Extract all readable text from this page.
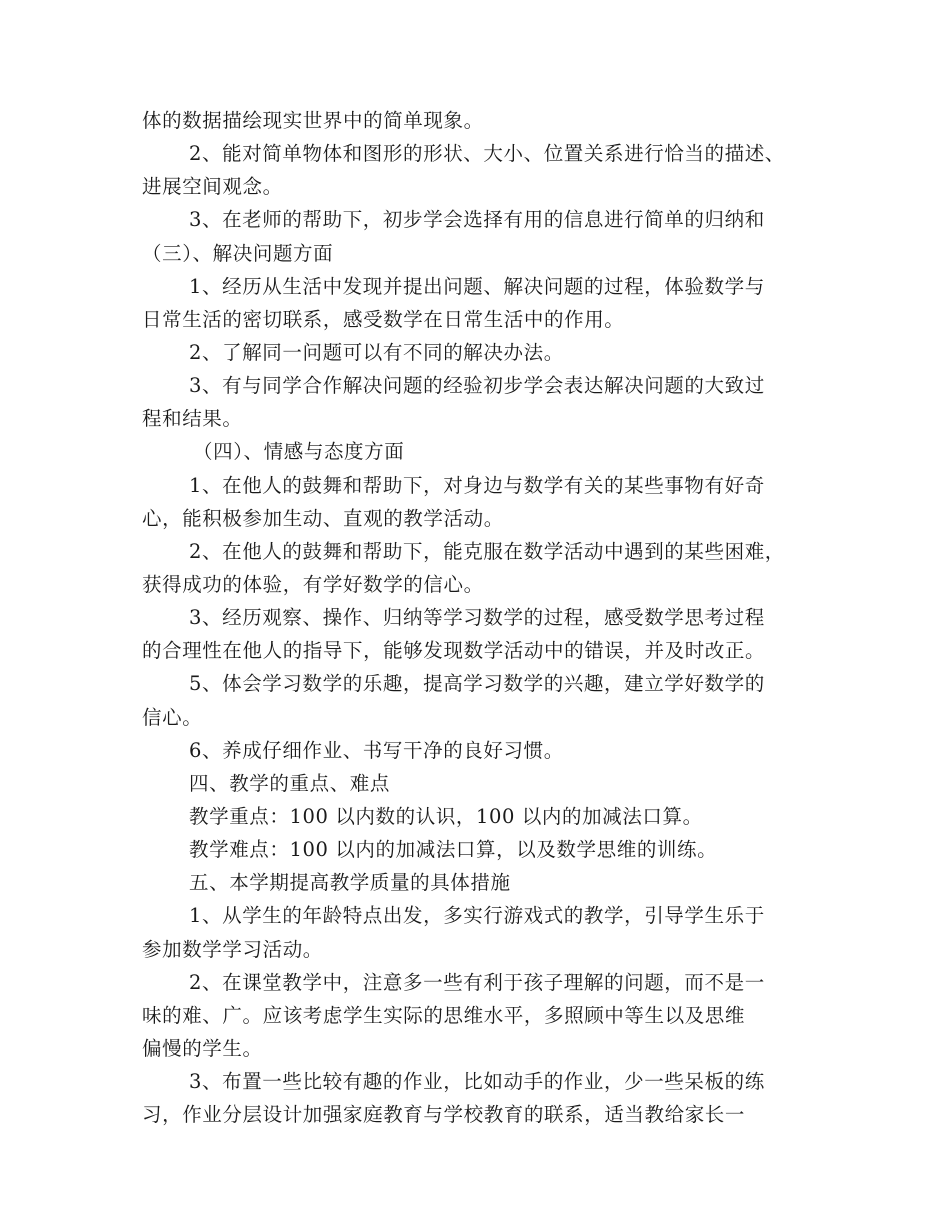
体的数据描绘现实世界中的简单现象。
2、能对简单物体和图形的形状、大小、位置关系进行恰当的描述、
进展空间观念。
3、在老师的帮助下，初步学会选择有用的信息进行简单的归纳和
（三）、解决问题方面
1、经历从生活中发现并提出问题、解决问题的过程，体验数学与
日常生活的密切联系，感受数学在日常生活中的作用。
2、了解同一问题可以有不同的解决办法。
3、有与同学合作解决问题的经验初步学会表达解决问题的大致过
程和结果。
（四）、情感与态度方面
1、在他人的鼓舞和帮助下，对身边与数学有关的某些事物有好奇
心，能积极参加生动、直观的教学活动。
2、在他人的鼓舞和帮助下，能克服在数学活动中遇到的某些困难，
获得成功的体验，有学好数学的信心。
3、经历观察、操作、归纳等学习数学的过程，感受数学思考过程
的合理性在他人的指导下，能够发现数学活动中的错误，并及时改正。
5、体会学习数学的乐趣，提高学习数学的兴趣，建立学好数学的
信心。
6、养成仔细作业、书写干净的良好习惯。
四、教学的重点、难点
教学重点：100 以内数的认识，100 以内的加减法口算。
教学难点：100 以内的加减法口算，以及数学思维的训练。
五、本学期提高教学质量的具体措施
1、从学生的年龄特点出发，多实行游戏式的教学，引导学生乐于
参加数学学习活动。
2、在课堂教学中，注意多一些有利于孩子理解的问题，而不是一
味的难、广。应该考虑学生实际的思维水平，多照顾中等生以及思维
偏慢的学生。
3、布置一些比较有趣的作业，比如动手的作业，少一些呆板的练
习，作业分层设计加强家庭教育与学校教育的联系，适当教给家长一
